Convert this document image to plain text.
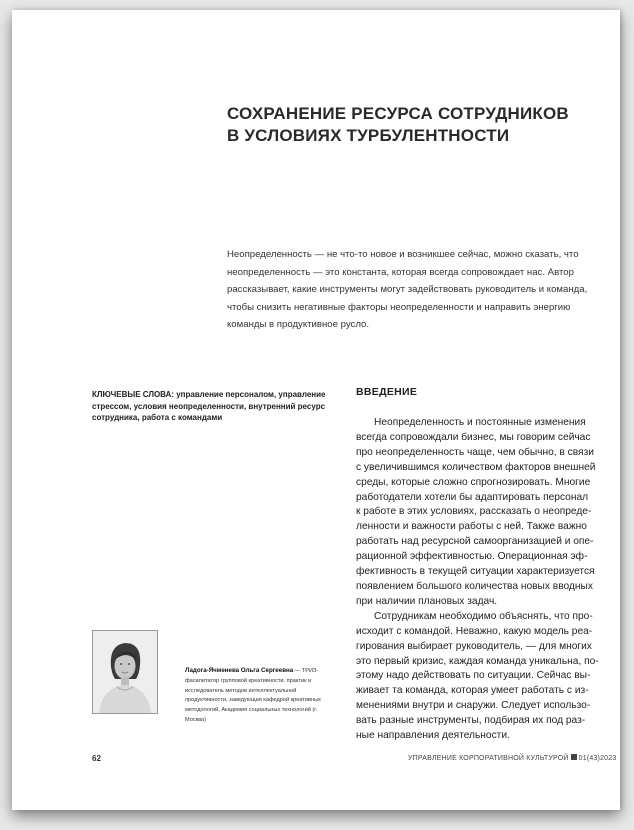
СОХРАНЕНИЕ РЕСУРСА СОТРУДНИКОВ
В УСЛОВИЯХ ТУРБУЛЕНТНОСТИ
Неопределенность — не что-то новое и возникшее сейчас, можно сказать, что неопределенность — это константа, которая всегда сопровождает нас. Автор рассказывает, какие инструменты могут задействовать руководитель и команда, чтобы снизить негативные факторы неопределенности и направить энергию команды в продуктивное русло.
КЛЮЧЕВЫЕ СЛОВА: управление персоналом, управление стрессом, условия неопределенности, внутренний ресурс сотрудника, работа с командами
ВВЕДЕНИЕ

Неопределенность и постоянные изменения
всегда сопровождали бизнес, мы говорим сейчас
про неопределенность чаще, чем обычно, в связи
с увеличившимся количеством факторов внешней
среды, которые сложно спрогнозировать. Многие
работодатели хотели бы адаптировать персонал
к работе в этих условиях, рассказать о неопреде-
ленности и важности работы с ней. Также важно
работать над ресурсной самоорганизацией и опе-
рационной эффективностью. Операционная эф-
фективность в текущей ситуации характеризуется
появлением большого количества новых вводных
при наличии плановых задач.

Сотрудникам необходимо объяснять, что про-
исходит с командой. Неважно, какую модель реа-
гирования выбирает руководитель, — для многих
это первый кризис, каждая команда уникальна, по-
этому надо действовать по ситуации. Сейчас вы-
живает та команда, которая умеет работать с из-
менениями внутри и снаружи. Следует использо-
вать разные инструменты, подбирая их под раз-
ные направления деятельности.

Ладога-Ячменева Ольга Сергеевна — ТРИЗ-фасилитатор групповой креативности, практик и исследователь методов интеллектуальной продуктивности, заведующая кафедрой креативных методологий, Академия социальных технологий (г. Москва)
62	УПРАВЛЕНИЕ КОРПОРАТИВНОЙ КУЛЬТУРОЙ 01(43)2023
